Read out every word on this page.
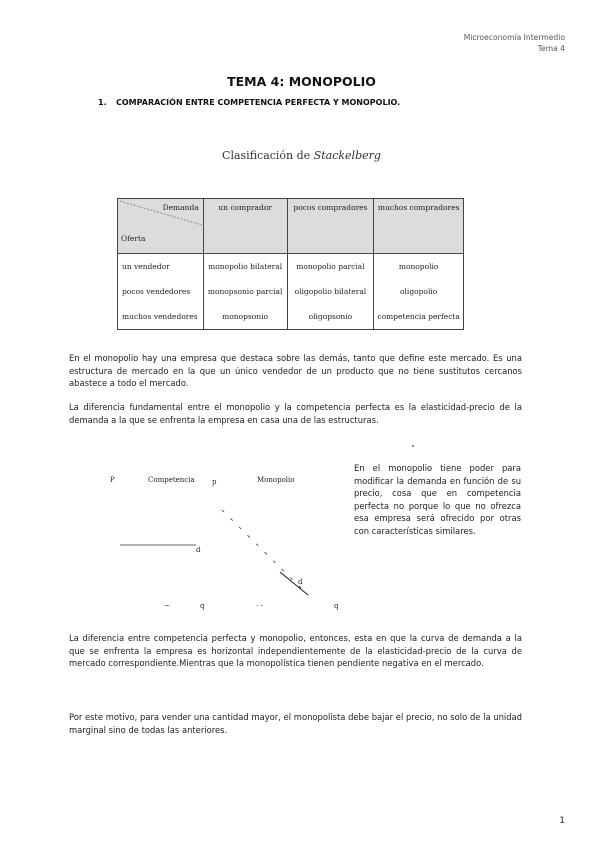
Microeconomía Intermedio
Tema 4
TEMA 4: MONOPOLIO
1. COMPARACIÓN ENTRE COMPETENCIA PERFECTA Y MONOPOLIO.
Clasificación de Stackelberg
Demanda
Oferta	un comprador	pocos compradores	muchos compradores
un vendedor	monopolio bilateral	monopolio parcial	monopolio
pocos vendedores	monopsonio parcial	oligopolio bilateral	oligopolio
muchos vendedores	monopsonio	oligopsonio	competencia perfecta
En el monopolio hay una empresa que destaca sobre las demás, tanto que define este mercado. Es una estructura de mercado en la que un único vendedor de un producto que no tiene sustitutos cercanos abastece a todo el mercado.
La diferencia fundamental entre el monopolio y la competencia perfecta es la elasticidad-precio de la demanda a la que se enfrenta la empresa en casa una de las estructuras.
P	Competencia
d
~	q
p	Monopolio
d
· ·	q
En el monopolio tiene poder para modificar la demanda en función de su precio, cosa que en competencia perfecta no porque lo que no ofrezca esa empresa será ofrecido por otras con características similares.
La diferencia entre competencia perfecta y monopolio, entonces, esta en que la curva de demanda a la que se enfrenta la empresa es horizontal independientemente de la elasticidad-precio de la curva de mercado correspondiente.Mientras que la monopolística tienen pendiente negativa en el mercado.
Por este motivo, para vender una cantidad mayor, el monopolista debe bajar el precio, no solo de la unidad marginal sino de todas las anteriores.
1
